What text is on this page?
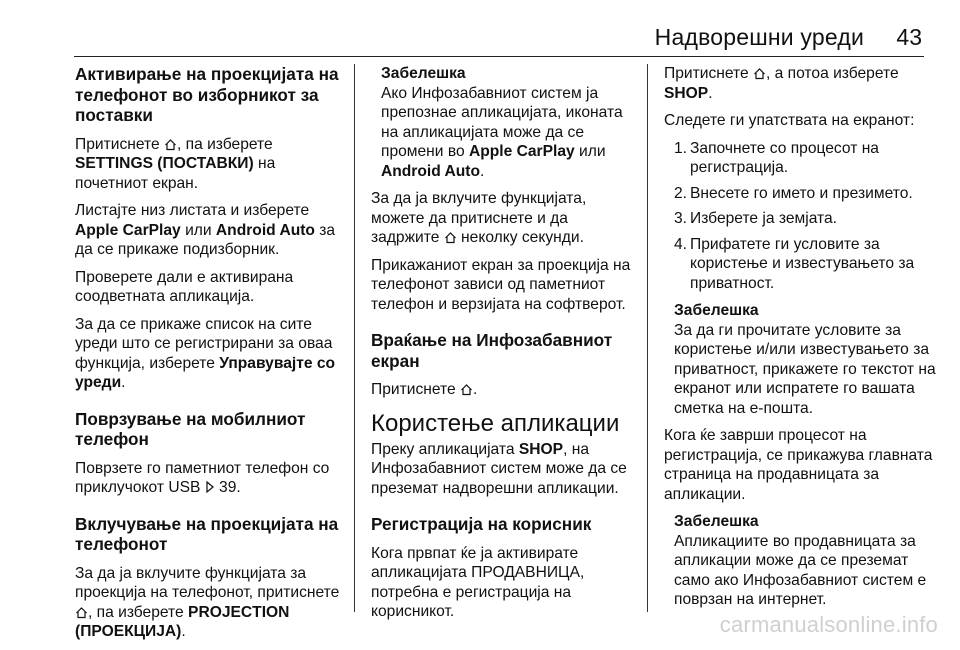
Надворешни уреди 43
Активирање на проекцијата на телефонот во изборникот за поставки

Притиснете , па изберете SETTINGS (ПОСТАВКИ) на почетниот екран.

Листајте низ листата и изберете Apple CarPlay или Android Auto за да се прикаже подизборник.

Проверете дали е активирана соодветната апликација.

За да се прикаже список на сите уреди што се регистрирани за оваа функција, изберете Управувајте со уреди.

Поврзување на мобилниот телефон

Поврзете го паметниот телефон со приклучокот USB  39.

Вклучување на проекцијата на телефонот

За да ја вклучите функцијата за проекција на телефонот, притиснете , па изберете PROJECTION (ПРОЕКЦИЈА).

Забелешка
Ако Инфозабавниот систем ја препознае апликацијата, иконата на апликацијата може да се промени во Apple CarPlay или Android Auto.

За да ја вклучите функцијата, можете да притиснете и да задржите  неколку секунди.

Прикажаниот екран за проекција на телефонот зависи од паметниот телефон и верзијата на софтверот.

Враќање на Инфозабавниот екран

Притиснете .

Користење апликации

Преку апликацијата SHOP, на Инфозабавниот систем може да се преземат надворешни апликации.

Регистрација на корисник

Кога првпат ќе ја активирате апликацијата ПРОДАВНИЦА, потребна е регистрација на корисникот.

Притиснете , а потоа изберете SHOP.

Следете ги упатствата на екранот:

1. Започнете со процесот на регистрација.
2. Внесете го името и презимето.
3. Изберете ја земјата.
4. Прифатете ги условите за користење и известувањето за приватност.
Забелешка
За да ги прочитате условите за користење и/или известувањето за приватност, прикажете го текстот на екранот или испратете го вашата сметка на е-пошта.

Кога ќе заврши процесот на регистрација, се прикажува главната страница на продавницата за апликации.

Забелешка
Апликациите во продавницата за апликации може да се преземат само ако Инфозабавниот систем е поврзан на интернет.
carmanualsonline.info
